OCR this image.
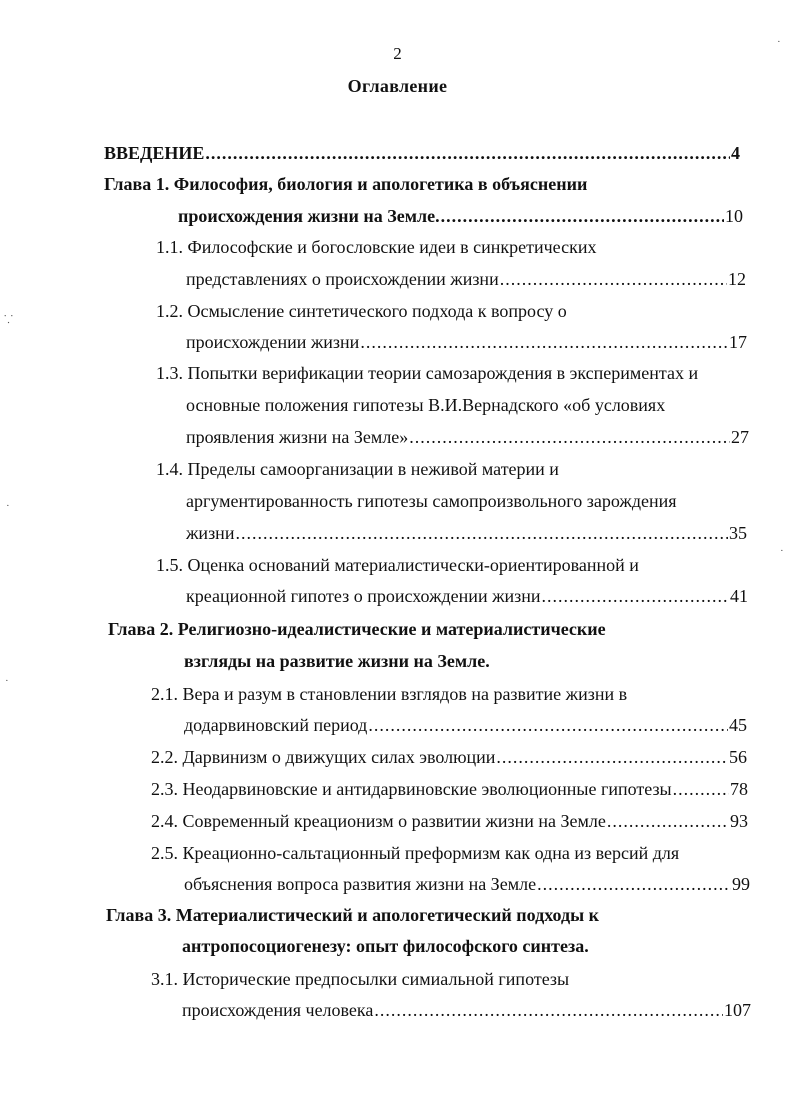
2
Оглавление
ВВЕДЕНИЕ .....	4
Глава 1. Философия, биология и апологетика в объяснении
происхождения жизни на Земле. .....	10
1.1. Философские и богословские идеи в синкретических
представлениях о происхождении жизни .....	12
1.2. Осмысление синтетического подхода к вопросу о
происхождении жизни .....	17
1.3. Попытки верификации теории самозарождения в экспериментах и
основные положения гипотезы В.И.Вернадского «об условиях
проявления жизни на Земле» .....	27
1.4. Пределы самоорганизации в неживой материи и
аргументированность гипотезы самопроизвольного зарождения
жизни .....	35
1.5. Оценка оснований материалистически-ориентированной и
креационной гипотез о происхождении жизни .....	41
Глава 2. Религиозно-идеалистические и материалистические
взгляды на развитие жизни на Земле.
2.1. Вера и разум в становлении взглядов на развитие жизни в
додарвиновский период .....	45
2.2. Дарвинизм о движущих силах эволюции .....	56
2.3. Неодарвиновские и антидарвиновские эволюционные гипотезы .....	78
2.4. Современный креационизм о развитии жизни на Земле .....	93
2.5. Креационно-сальтационный преформизм как одна из версий для
объяснения вопроса развития жизни на Земле .....	99
Глава 3. Материалистический и апологетический подходы к
антропосоциогенезу: опыт философского синтеза.
3.1. Исторические предпосылки симиальной гипотезы
происхождения человека .....	107
⸪
·
·
·
·
